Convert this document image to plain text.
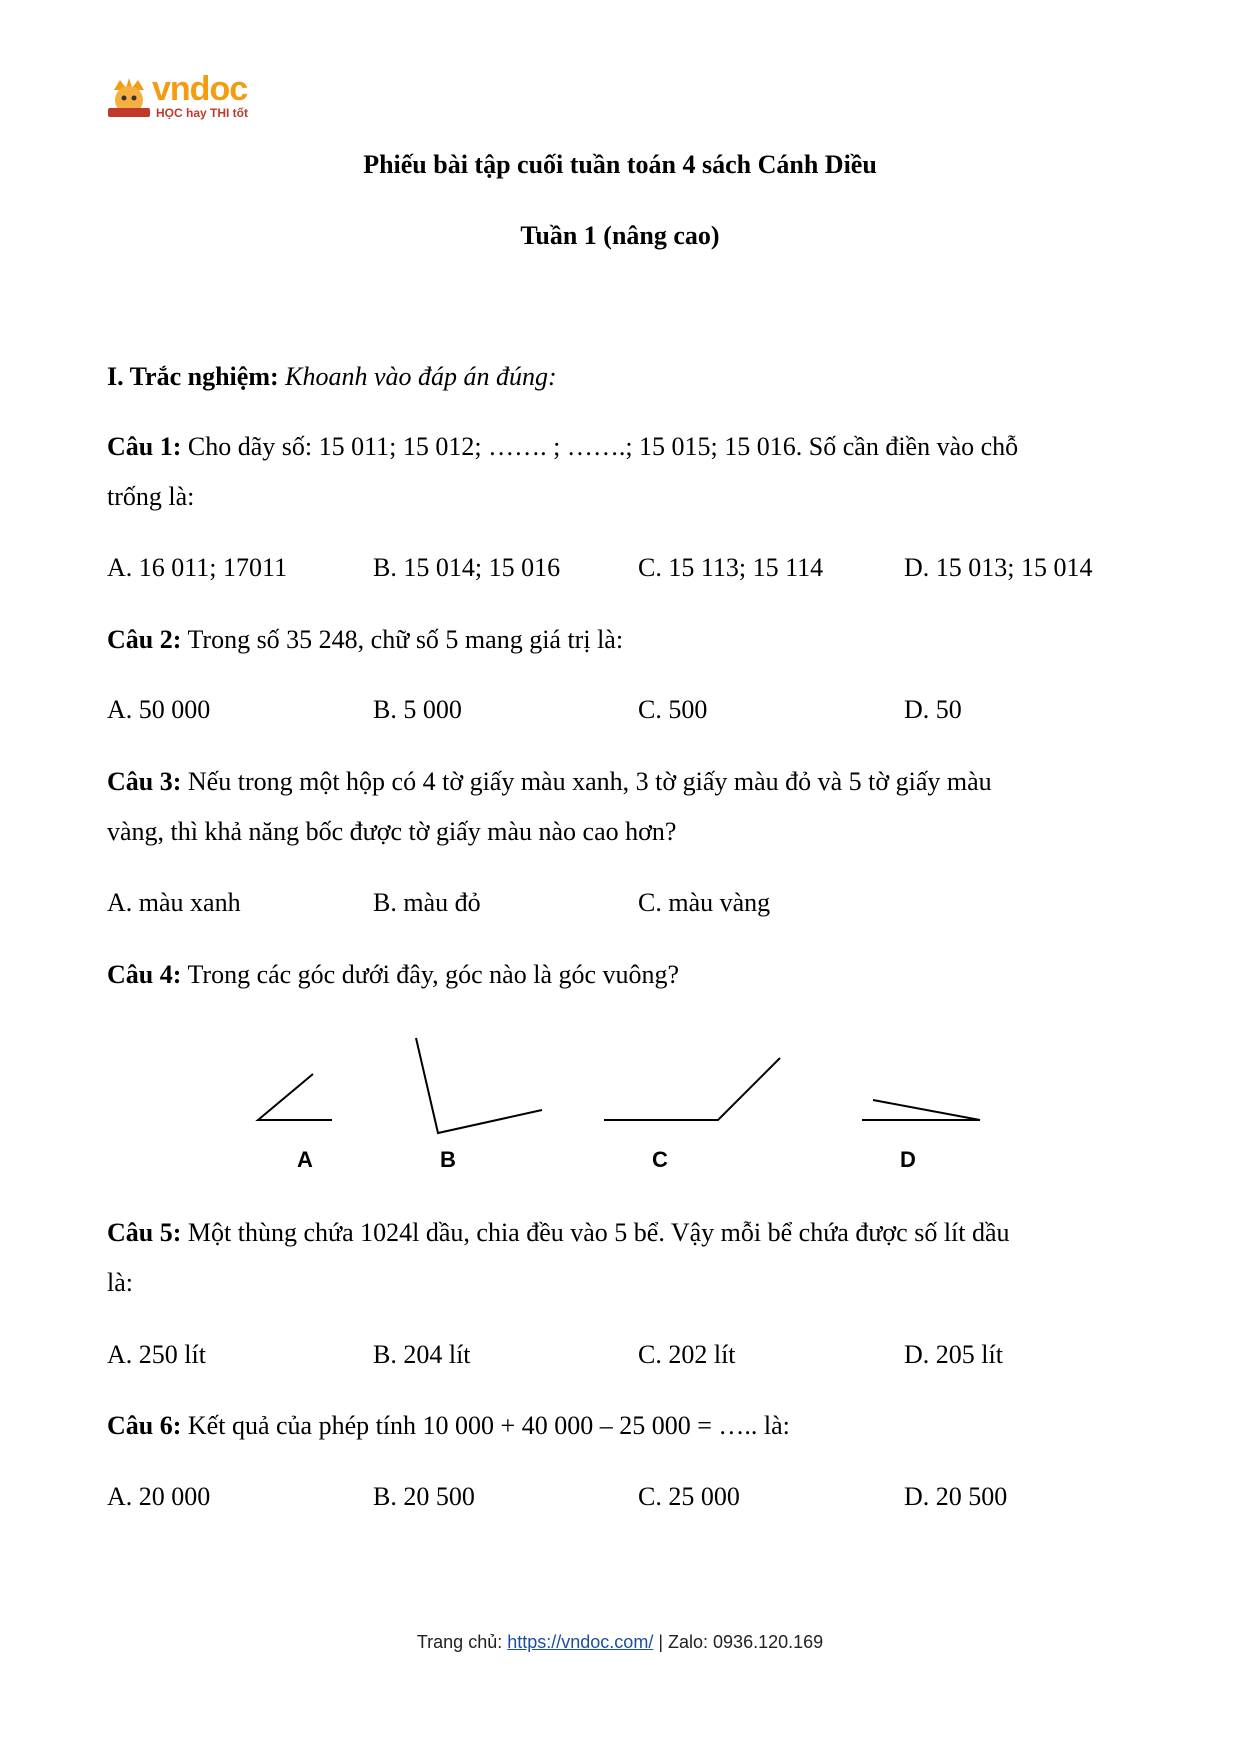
vndoc
HỌC hay THI tốt
Phiếu bài tập cuối tuần toán 4 sách Cánh Diều
Tuần 1 (nâng cao)
I. Trắc nghiệm: Khoanh vào đáp án đúng:
Câu 1: Cho dãy số: 15 011; 15 012; ……. ; …….; 15 015; 15 016. Số cần điền vào chỗ
trống là:
A. 16 011; 17011	B. 15 014; 15 016	C. 15 113; 15 114	D. 15 013; 15 014
Câu 2: Trong số 35 248, chữ số 5 mang giá trị là:
A. 50 000	B. 5 000	C. 500	D. 50
Câu 3: Nếu trong một hộp có 4 tờ giấy màu xanh, 3 tờ giấy màu đỏ và 5 tờ giấy màu
vàng, thì khả năng bốc được tờ giấy màu nào cao hơn?
A. màu xanh	B. màu đỏ	C. màu vàng
Câu 4: Trong các góc dưới đây, góc nào là góc vuông?
A	B	C	D
Câu 5: Một thùng chứa 1024l dầu, chia đều vào 5 bể. Vậy mỗi bể chứa được số lít dầu
là:
A. 250 lít	B. 204 lít	C. 202 lít	D. 205 lít
Câu 6: Kết quả của phép tính 10 000 + 40 000 – 25 000 = ….. là:
A. 20 000	B. 20 500	C. 25 000	D. 20 500
Trang chủ: https://vndoc.com/ | Zalo: 0936.120.169
